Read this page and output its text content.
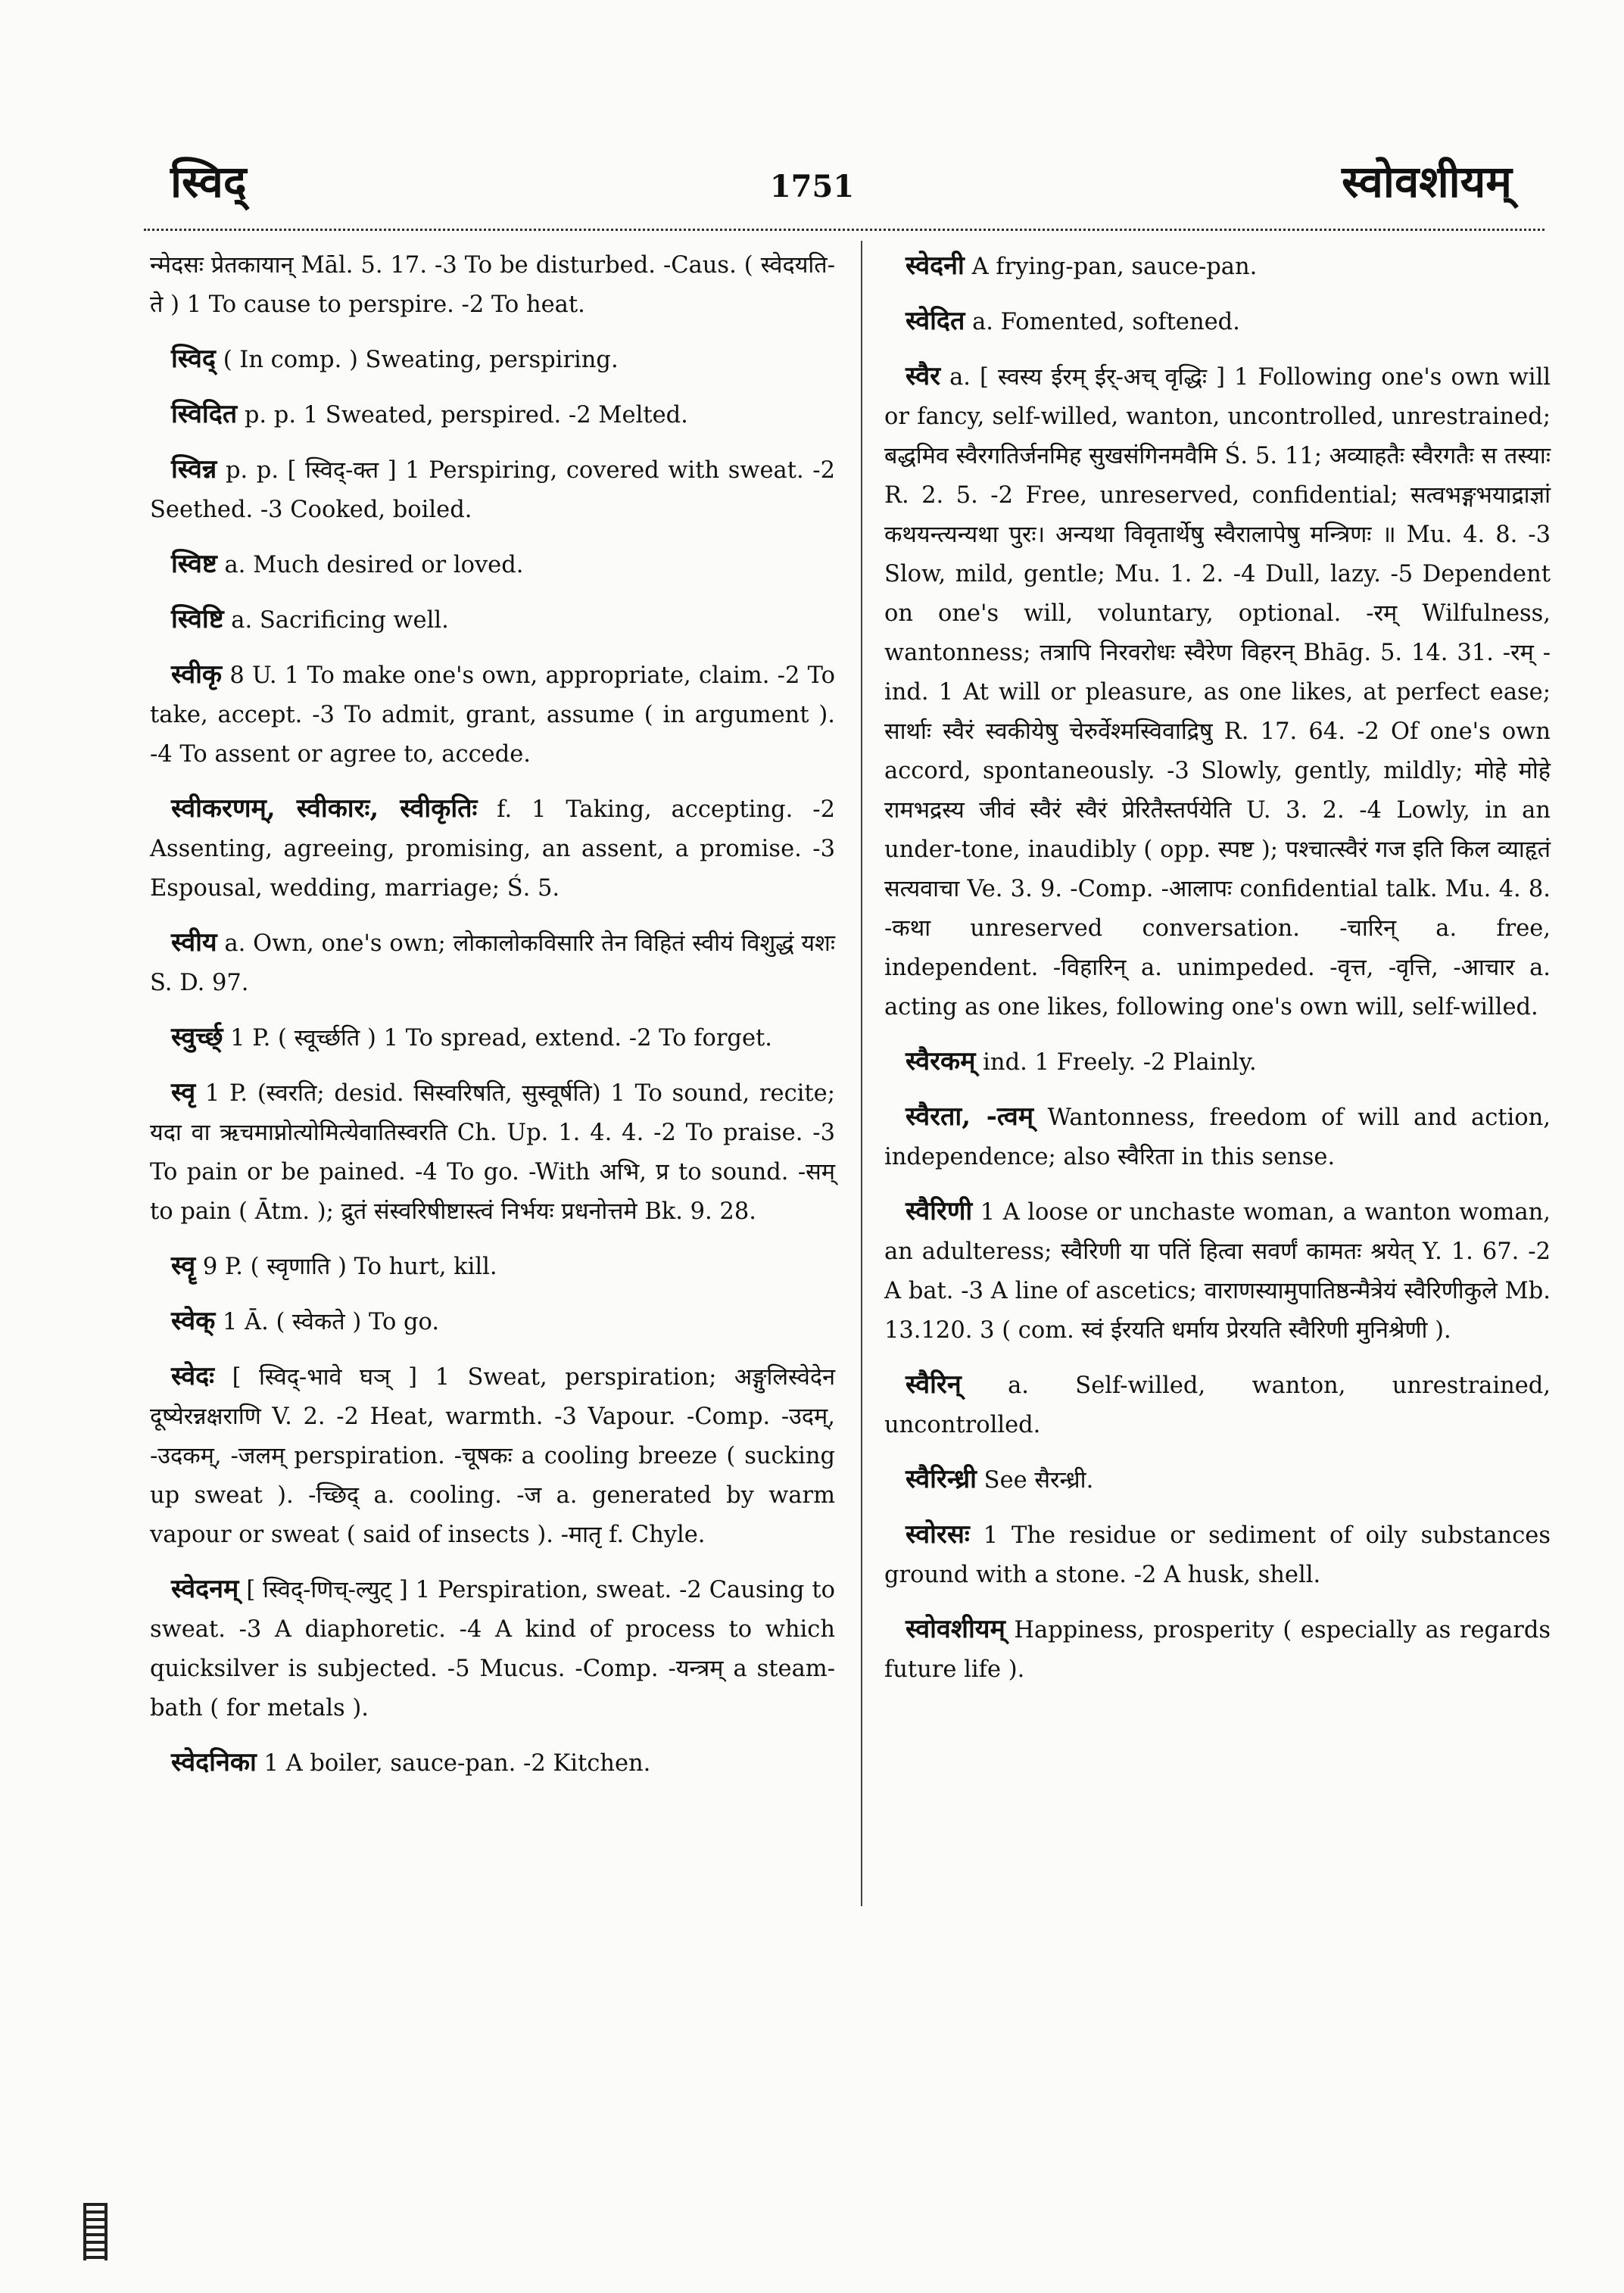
स्विद्	1751	स्वोवशीयम्

न्मेदसः प्रेतकायान् Māl. 5. 17. -3 To be disturbed. -Caus. ( स्वेदयति-ते ) 1 To cause to perspire. -2 To heat.

स्विद् ( In comp. ) Sweating, perspiring.

स्विदित p. p. 1 Sweated, perspired. -2 Melted.

स्विन्न p. p. [ स्विद्-क्त ] 1 Perspiring, covered with sweat. -2 Seethed. -3 Cooked, boiled.

स्विष्ट a. Much desired or loved.

स्विष्टि a. Sacrificing well.

स्वीकृ 8 U. 1 To make one's own, appropriate, claim. -2 To take, accept. -3 To admit, grant, assume ( in argument ). -4 To assent or agree to, accede.

स्वीकरणम्, स्वीकारः, स्वीकृतिः f. 1 Taking, accepting. -2 Assenting, agreeing, promising, an assent, a promise. -3 Espousal, wedding, marriage; Ś. 5.

स्वीय a. Own, one's own; लोकालोकविसारि तेन विहितं स्वीयं विशुद्धं यशः S. D. 97.

स्वुर्च्छ् 1 P. ( स्वूर्च्छति ) 1 To spread, extend. -2 To forget.

स्वृ 1 P. (स्वरति; desid. सिस्वरिषति, सुस्वूर्षति) 1 To sound, recite; यदा वा ऋचमाप्नोत्योमित्येवातिस्वरति Ch. Up. 1. 4. 4. -2 To praise. -3 To pain or be pained. -4 To go. -With अभि, प्र to sound. -सम् to pain ( Ātm. ); द्रुतं संस्वरिषीष्टास्त्वं निर्भयः प्रधनोत्तमे Bk. 9. 28.

स्वॄ 9 P. ( स्वृणाति ) To hurt, kill.

स्वेक् 1 Ā. ( स्वेकते ) To go.

स्वेदः [ स्विद्-भावे घञ् ] 1 Sweat, perspiration; अङ्गुलिस्वेदेन दूष्येरन्नक्षराणि V. 2. -2 Heat, warmth. -3 Vapour. -Comp. -उदम्, -उदकम्, -जलम् perspiration. -चूषकः a cooling breeze ( sucking up sweat ). -च्छिद् a. cooling. -ज a. generated by warm vapour or sweat ( said of insects ). -मातृ f. Chyle.

स्वेदनम् [ स्विद्-णिच्-ल्युट् ] 1 Perspiration, sweat. -2 Causing to sweat. -3 A diaphoretic. -4 A kind of process to which quicksilver is subjected. -5 Mucus. -Comp. -यन्त्रम् a steam-bath ( for metals ).

स्वेदनिका 1 A boiler, sauce-pan. -2 Kitchen.

स्वेदनी A frying-pan, sauce-pan.

स्वेदित a. Fomented, softened.

स्वैर a. [ स्वस्य ईरम् ईर्-अच् वृद्धिः ] 1 Following one's own will or fancy, self-willed, wanton, uncontrolled, unrestrained; बद्धमिव स्वैरगतिर्जनमिह सुखसंगिनमवैमि Ś. 5. 11; अव्याहतैः स्वैरगतैः स तस्याः R. 2. 5. -2 Free, unreserved, confidential; सत्वभङ्गभयाद्राज्ञां कथयन्त्यन्यथा पुरः। अन्यथा विवृतार्थेषु स्वैरालापेषु मन्त्रिणः ॥ Mu. 4. 8. -3 Slow, mild, gentle; Mu. 1. 2. -4 Dull, lazy. -5 Dependent on one's will, voluntary, optional. -रम् Wilfulness, wantonness; तत्रापि निरवरोधः स्वैरेण विहरन् Bhāg. 5. 14. 31. -रम् -ind. 1 At will or pleasure, as one likes, at perfect ease; सार्थाः स्वैरं स्वकीयेषु चेरुर्वेश्मस्विवाद्रिषु R. 17. 64. -2 Of one's own accord, spontaneously. -3 Slowly, gently, mildly; मोहे मोहे रामभद्रस्य जीवं स्वैरं स्वैरं प्रेरितैस्तर्पयेति U. 3. 2. -4 Lowly, in an under-tone, inaudibly ( opp. स्पष्ट ); पश्चात्स्वैरं गज इति किल व्याहृतं सत्यवाचा Ve. 3. 9. -Comp. -आलापः confidential talk. Mu. 4. 8. -कथा unreserved conversation. -चारिन् a. free, independent. -विहारिन् a. unimpeded. -वृत्त, -वृत्ति, -आचार a. acting as one likes, following one's own will, self-willed.

स्वैरकम् ind. 1 Freely. -2 Plainly.

स्वैरता, -त्वम् Wantonness, freedom of will and action, independence; also स्वैरिता in this sense.

स्वैरिणी 1 A loose or unchaste woman, a wanton woman, an adulteress; स्वैरिणी या पतिं हित्वा सवर्णं कामतः श्रयेत् Y. 1. 67. -2 A bat. -3 A line of ascetics; वाराणस्यामुपातिष्ठन्मैत्रेयं स्वैरिणीकुले Mb. 13.120. 3 ( com. स्वं ईरयति धर्माय प्रेरयति स्वैरिणी मुनिश्रेणी ).

स्वैरिन् a. Self-willed, wanton, unrestrained, uncontrolled.

स्वैरिन्ध्री See सैरन्ध्री.

स्वोरसः 1 The residue or sediment of oily substances ground with a stone. -2 A husk, shell.

स्वोवशीयम् Happiness, prosperity ( especially as regards future life ).
